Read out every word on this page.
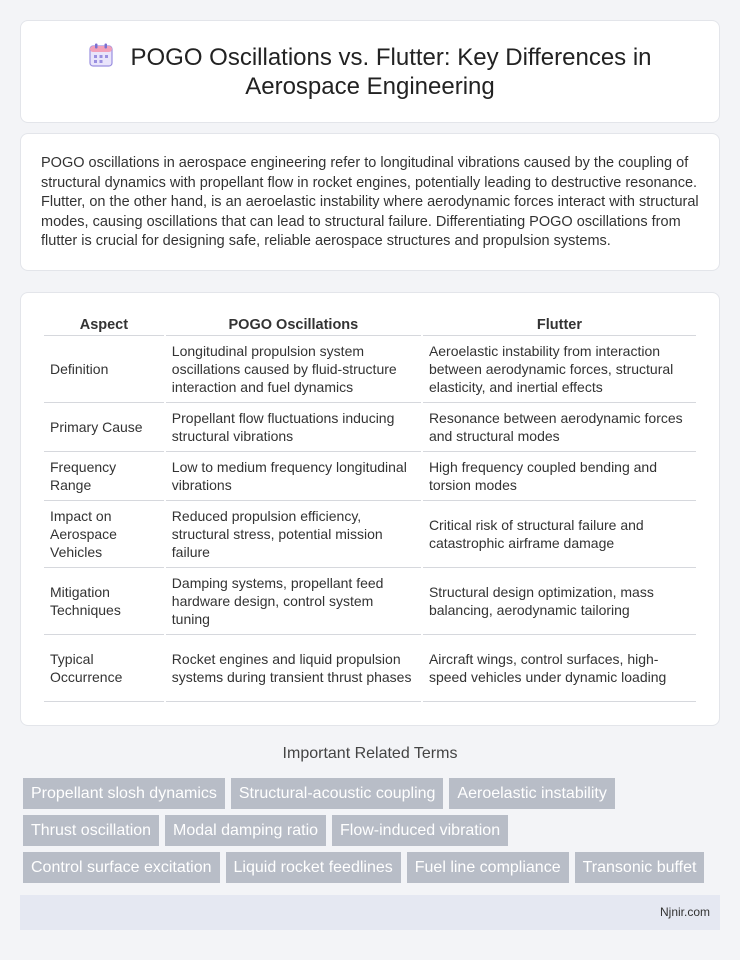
POGO Oscillations vs. Flutter: Key Differences in Aerospace Engineering

POGO oscillations in aerospace engineering refer to longitudinal vibrations caused by the coupling of structural dynamics with propellant flow in rocket engines, potentially leading to destructive resonance. Flutter, on the other hand, is an aeroelastic instability where aerodynamic forces interact with structural modes, causing oscillations that can lead to structural failure. Differentiating POGO oscillations from flutter is crucial for designing safe, reliable aerospace structures and propulsion systems.

Aspect	POGO Oscillations	Flutter
Definition	Longitudinal propulsion system oscillations caused by fluid-structure interaction and fuel dynamics	Aeroelastic instability from interaction between aerodynamic forces, structural elasticity, and inertial effects
Primary Cause	Propellant flow fluctuations inducing structural vibrations	Resonance between aerodynamic forces and structural modes
Frequency Range	Low to medium frequency longitudinal vibrations	High frequency coupled bending and torsion modes
Impact on Aerospace Vehicles	Reduced propulsion efficiency, structural stress, potential mission failure	Critical risk of structural failure and catastrophic airframe damage
Mitigation Techniques	Damping systems, propellant feed hardware design, control system tuning	Structural design optimization, mass balancing, aerodynamic tailoring
Typical Occurrence	Rocket engines and liquid propulsion systems during transient thrust phases	Aircraft wings, control surfaces, high-speed vehicles under dynamic loading
Important Related Terms
Propellant slosh dynamics	Structural-acoustic coupling	Aeroelastic instability
Thrust oscillation	Modal damping ratio	Flow-induced vibration
Control surface excitation	Liquid rocket feedlines	Fuel line compliance	Transonic buffet
Njnir.com
